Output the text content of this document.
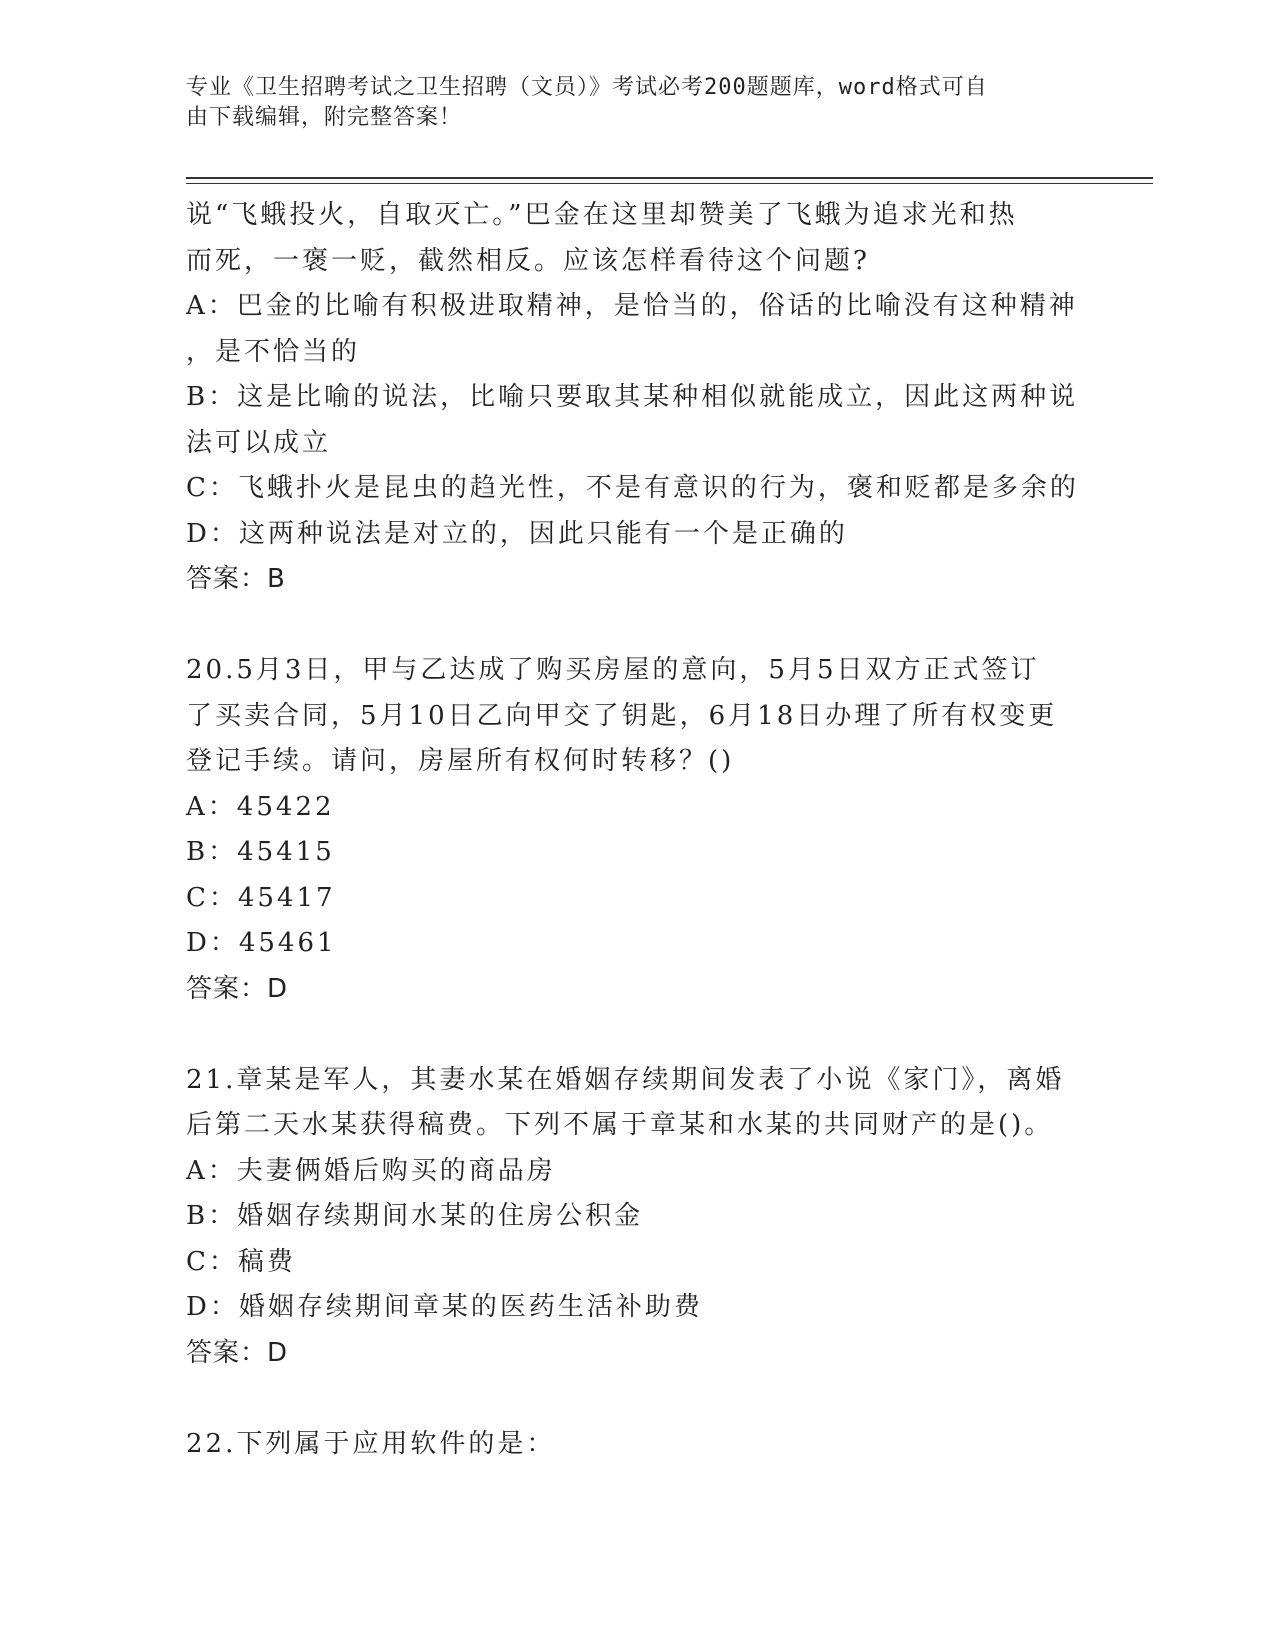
专业《卫生招聘考试之卫生招聘（文员）》考试必考200题题库，word格式可自
由下载编辑，附完整答案！
说“飞蛾投火，自取灭亡。”巴金在这里却赞美了飞蛾为追求光和热
而死，一褒一贬，截然相反。应该怎样看待这个问题?
A：巴金的比喻有积极进取精神，是恰当的，俗话的比喻没有这种精神
，是不恰当的
B：这是比喻的说法，比喻只要取其某种相似就能成立，因此这两种说
法可以成立
C：飞蛾扑火是昆虫的趋光性，不是有意识的行为，褒和贬都是多余的
D：这两种说法是对立的，因此只能有一个是正确的
答案：B
20.5月3日，甲与乙达成了购买房屋的意向，5月5日双方正式签订
了买卖合同，5月10日乙向甲交了钥匙，6月18日办理了所有权变更
登记手续。请问，房屋所有权何时转移？()
A：45422
B：45415
C：45417
D：45461
答案：D
21.章某是军人，其妻水某在婚姻存续期间发表了小说《家门》，离婚
后第二天水某获得稿费。下列不属于章某和水某的共同财产的是()。
A：夫妻俩婚后购买的商品房
B：婚姻存续期间水某的住房公积金
C：稿费
D：婚姻存续期间章某的医药生活补助费
答案：D
22.下列属于应用软件的是：
